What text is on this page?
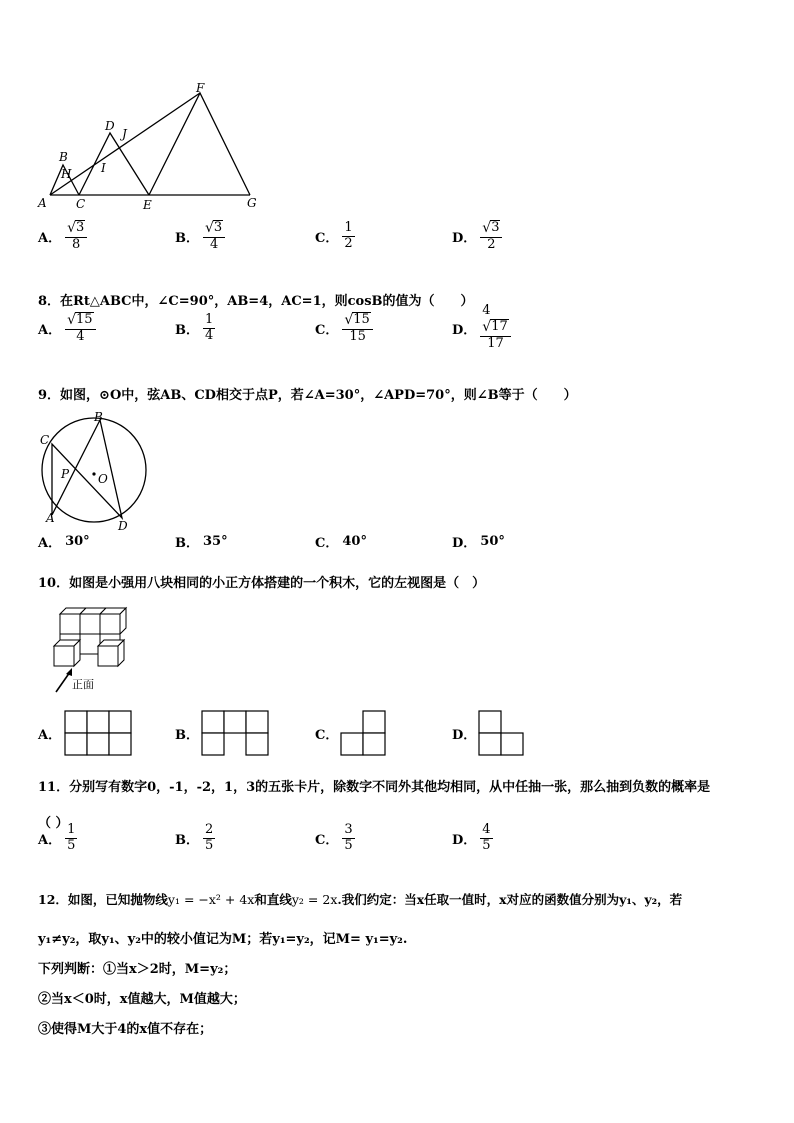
F
D
J
B
I
H
A C	E	G
A． $\frac{√ 3}{8}$	B． $\frac{√ 3}{4}$	C． $\frac{1}{2}$	D． $\frac{√ 3}{2}$
8．在Rt△ABC中，∠C=90°，AB=4，AC=1，则cosB的值为（　　）
A． $\frac{√ 15}{4}$	B． $\frac{1}{4}$	C． $\frac{√ 15}{15}$	D． 4
√ 17
17
9．如图，⊙O中，弦AB、CD相交于点P，若∠A=30°，∠APD=70°，则∠B等于（　　）
B
C
P O
A
D
A． 30°	B． 35°	C． 40°	D． 50°
10．如图是小强用八块相同的小正方体搭建的一个积木，它的左视图是（　）
正面
A．	B．	C．	D．
11．分别写有数字0，-1，-2，1，3的五张卡片，除数字不同外其他均相同，从中任抽一张，那么抽到负数的概率是
（ ）
A． $\frac{1}{5}$	B． $\frac{2}{5}$	C． $\frac{3}{5}$	D． $\frac{4}{5}$
12．如图，已知抛物线y₁ = −x² + 4x和直线y₂ = 2x.我们约定：当x任取一值时，x对应的函数值分别为y₁、y₂，若
y₁≠y₂，取y₁、y₂中的较小值记为M；若y₁=y₂，记M= y₁=y₂.
下列判断：①当x＞2时，M=y₂；
②当x＜0时，x值越大，M值越大；
③使得M大于4的x值不存在；
